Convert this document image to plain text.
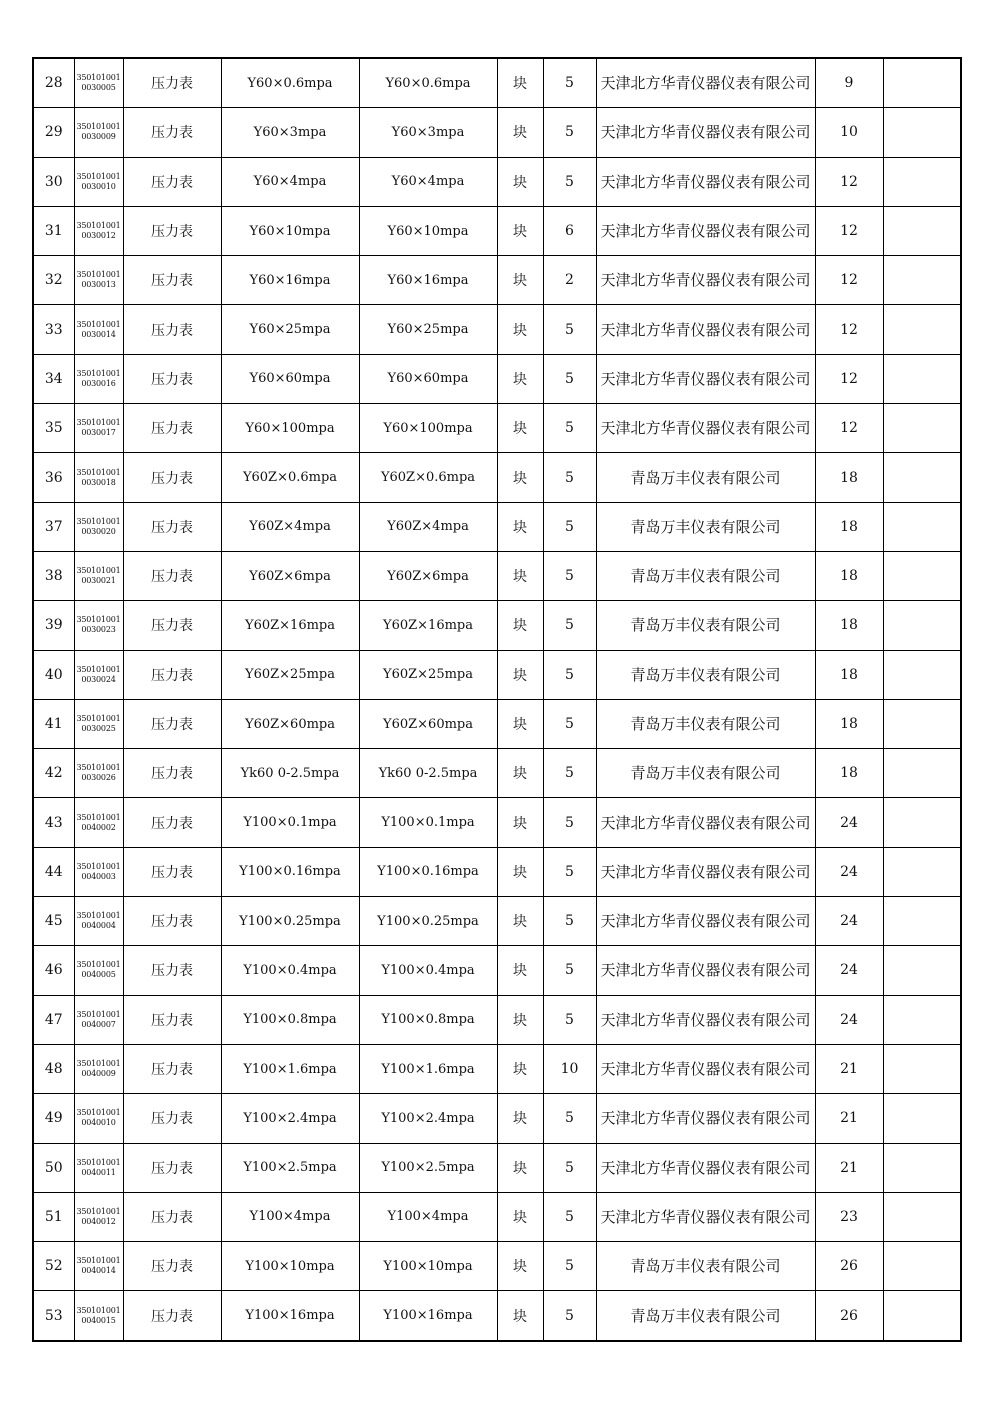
28	3501010010030005	压力表	Y60×0.6mpa	Y60×0.6mpa	块	5	天津北方华青仪器仪表有限公司	9	
29	3501010010030009	压力表	Y60×3mpa	Y60×3mpa	块	5	天津北方华青仪器仪表有限公司	10	
30	3501010010030010	压力表	Y60×4mpa	Y60×4mpa	块	5	天津北方华青仪器仪表有限公司	12	
31	3501010010030012	压力表	Y60×10mpa	Y60×10mpa	块	6	天津北方华青仪器仪表有限公司	12	
32	3501010010030013	压力表	Y60×16mpa	Y60×16mpa	块	2	天津北方华青仪器仪表有限公司	12	
33	3501010010030014	压力表	Y60×25mpa	Y60×25mpa	块	5	天津北方华青仪器仪表有限公司	12	
34	3501010010030016	压力表	Y60×60mpa	Y60×60mpa	块	5	天津北方华青仪器仪表有限公司	12	
35	3501010010030017	压力表	Y60×100mpa	Y60×100mpa	块	5	天津北方华青仪器仪表有限公司	12	
36	3501010010030018	压力表	Y60Z×0.6mpa	Y60Z×0.6mpa	块	5	青岛万丰仪表有限公司	18	
37	3501010010030020	压力表	Y60Z×4mpa	Y60Z×4mpa	块	5	青岛万丰仪表有限公司	18	
38	3501010010030021	压力表	Y60Z×6mpa	Y60Z×6mpa	块	5	青岛万丰仪表有限公司	18	
39	3501010010030023	压力表	Y60Z×16mpa	Y60Z×16mpa	块	5	青岛万丰仪表有限公司	18	
40	3501010010030024	压力表	Y60Z×25mpa	Y60Z×25mpa	块	5	青岛万丰仪表有限公司	18	
41	3501010010030025	压力表	Y60Z×60mpa	Y60Z×60mpa	块	5	青岛万丰仪表有限公司	18	
42	3501010010030026	压力表	Yk60 0-2.5mpa	Yk60 0-2.5mpa	块	5	青岛万丰仪表有限公司	18	
43	3501010010040002	压力表	Y100×0.1mpa	Y100×0.1mpa	块	5	天津北方华青仪器仪表有限公司	24	
44	3501010010040003	压力表	Y100×0.16mpa	Y100×0.16mpa	块	5	天津北方华青仪器仪表有限公司	24	
45	3501010010040004	压力表	Y100×0.25mpa	Y100×0.25mpa	块	5	天津北方华青仪器仪表有限公司	24	
46	3501010010040005	压力表	Y100×0.4mpa	Y100×0.4mpa	块	5	天津北方华青仪器仪表有限公司	24	
47	3501010010040007	压力表	Y100×0.8mpa	Y100×0.8mpa	块	5	天津北方华青仪器仪表有限公司	24	
48	3501010010040009	压力表	Y100×1.6mpa	Y100×1.6mpa	块	10	天津北方华青仪器仪表有限公司	21	
49	3501010010040010	压力表	Y100×2.4mpa	Y100×2.4mpa	块	5	天津北方华青仪器仪表有限公司	21	
50	3501010010040011	压力表	Y100×2.5mpa	Y100×2.5mpa	块	5	天津北方华青仪器仪表有限公司	21	
51	3501010010040012	压力表	Y100×4mpa	Y100×4mpa	块	5	天津北方华青仪器仪表有限公司	23	
52	3501010010040014	压力表	Y100×10mpa	Y100×10mpa	块	5	青岛万丰仪表有限公司	26	
53	3501010010040015	压力表	Y100×16mpa	Y100×16mpa	块	5	青岛万丰仪表有限公司	26	
